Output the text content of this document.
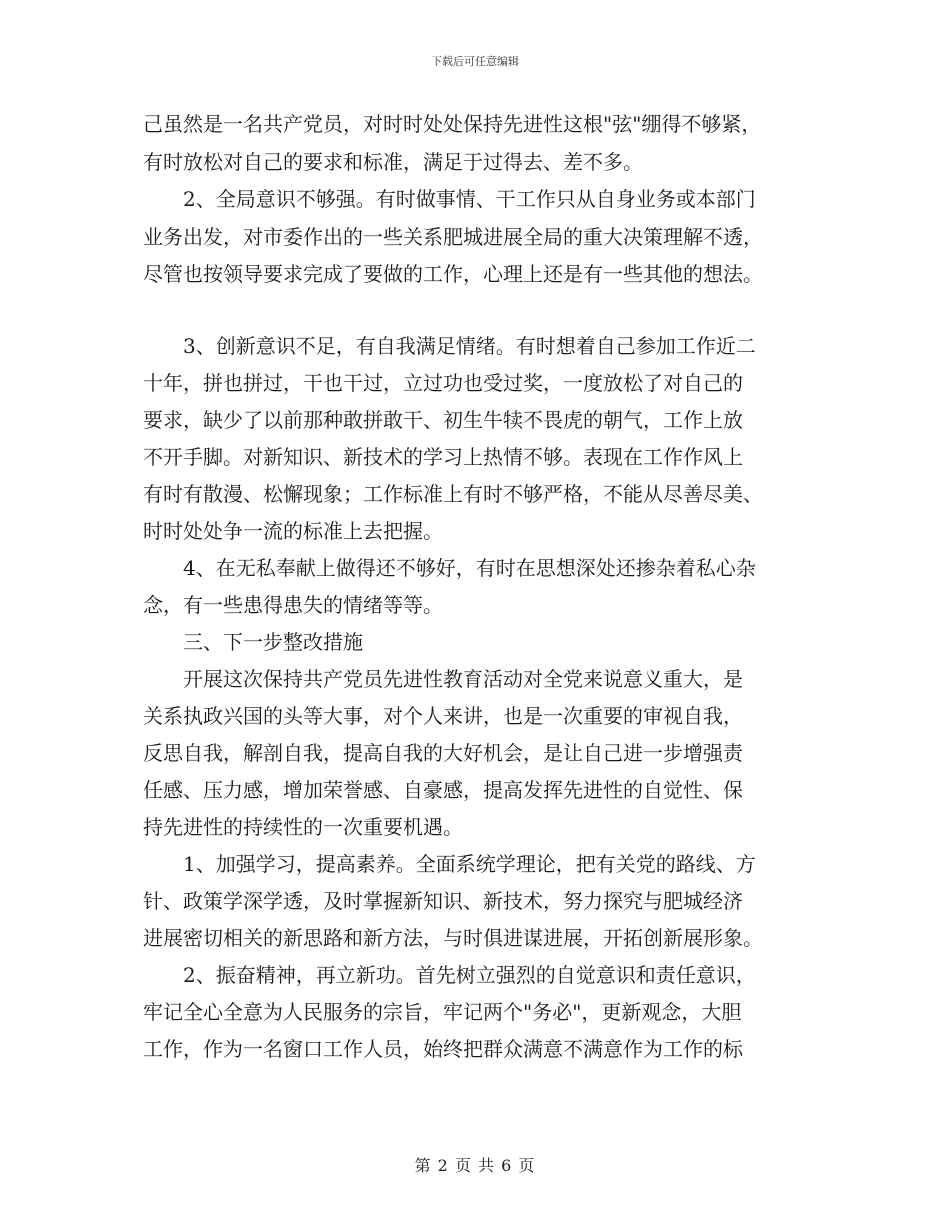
下载后可任意编辑
己虽然是一名共产党员，对时时处处保持先进性这根"弦"绷得不够紧，
有时放松对自己的要求和标准，满足于过得去、差不多。
　　2、全局意识不够强。有时做事情、干工作只从自身业务或本部门
业务出发，对市委作出的一些关系肥城进展全局的重大决策理解不透，
尽管也按领导要求完成了要做的工作，心理上还是有一些其他的想法。
　　3、创新意识不足，有自我满足情绪。有时想着自己参加工作近二
十年，拼也拼过，干也干过，立过功也受过奖，一度放松了对自己的
要求，缺少了以前那种敢拼敢干、初生牛犊不畏虎的朝气，工作上放
不开手脚。对新知识、新技术的学习上热情不够。表现在工作作风上
有时有散漫、松懈现象；工作标准上有时不够严格，不能从尽善尽美、
时时处处争一流的标准上去把握。
　　4、在无私奉献上做得还不够好，有时在思想深处还掺杂着私心杂
念，有一些患得患失的情绪等等。
　　三、下一步整改措施
　　开展这次保持共产党员先进性教育活动对全党来说意义重大，是
关系执政兴国的头等大事，对个人来讲，也是一次重要的审视自我，
反思自我，解剖自我，提高自我的大好机会，是让自己进一步增强责
任感、压力感，增加荣誉感、自豪感，提高发挥先进性的自觉性、保
持先进性的持续性的一次重要机遇。
　　1、加强学习，提高素养。全面系统学理论，把有关党的路线、方
针、政策学深学透，及时掌握新知识、新技术，努力探究与肥城经济
进展密切相关的新思路和新方法，与时俱进谋进展，开拓创新展形象。
　　2、振奋精神，再立新功。首先树立强烈的自觉意识和责任意识，
牢记全心全意为人民服务的宗旨，牢记两个"务必"，更新观念，大胆
工作，作为一名窗口工作人员，始终把群众满意不满意作为工作的标
第 2 页 共 6 页
